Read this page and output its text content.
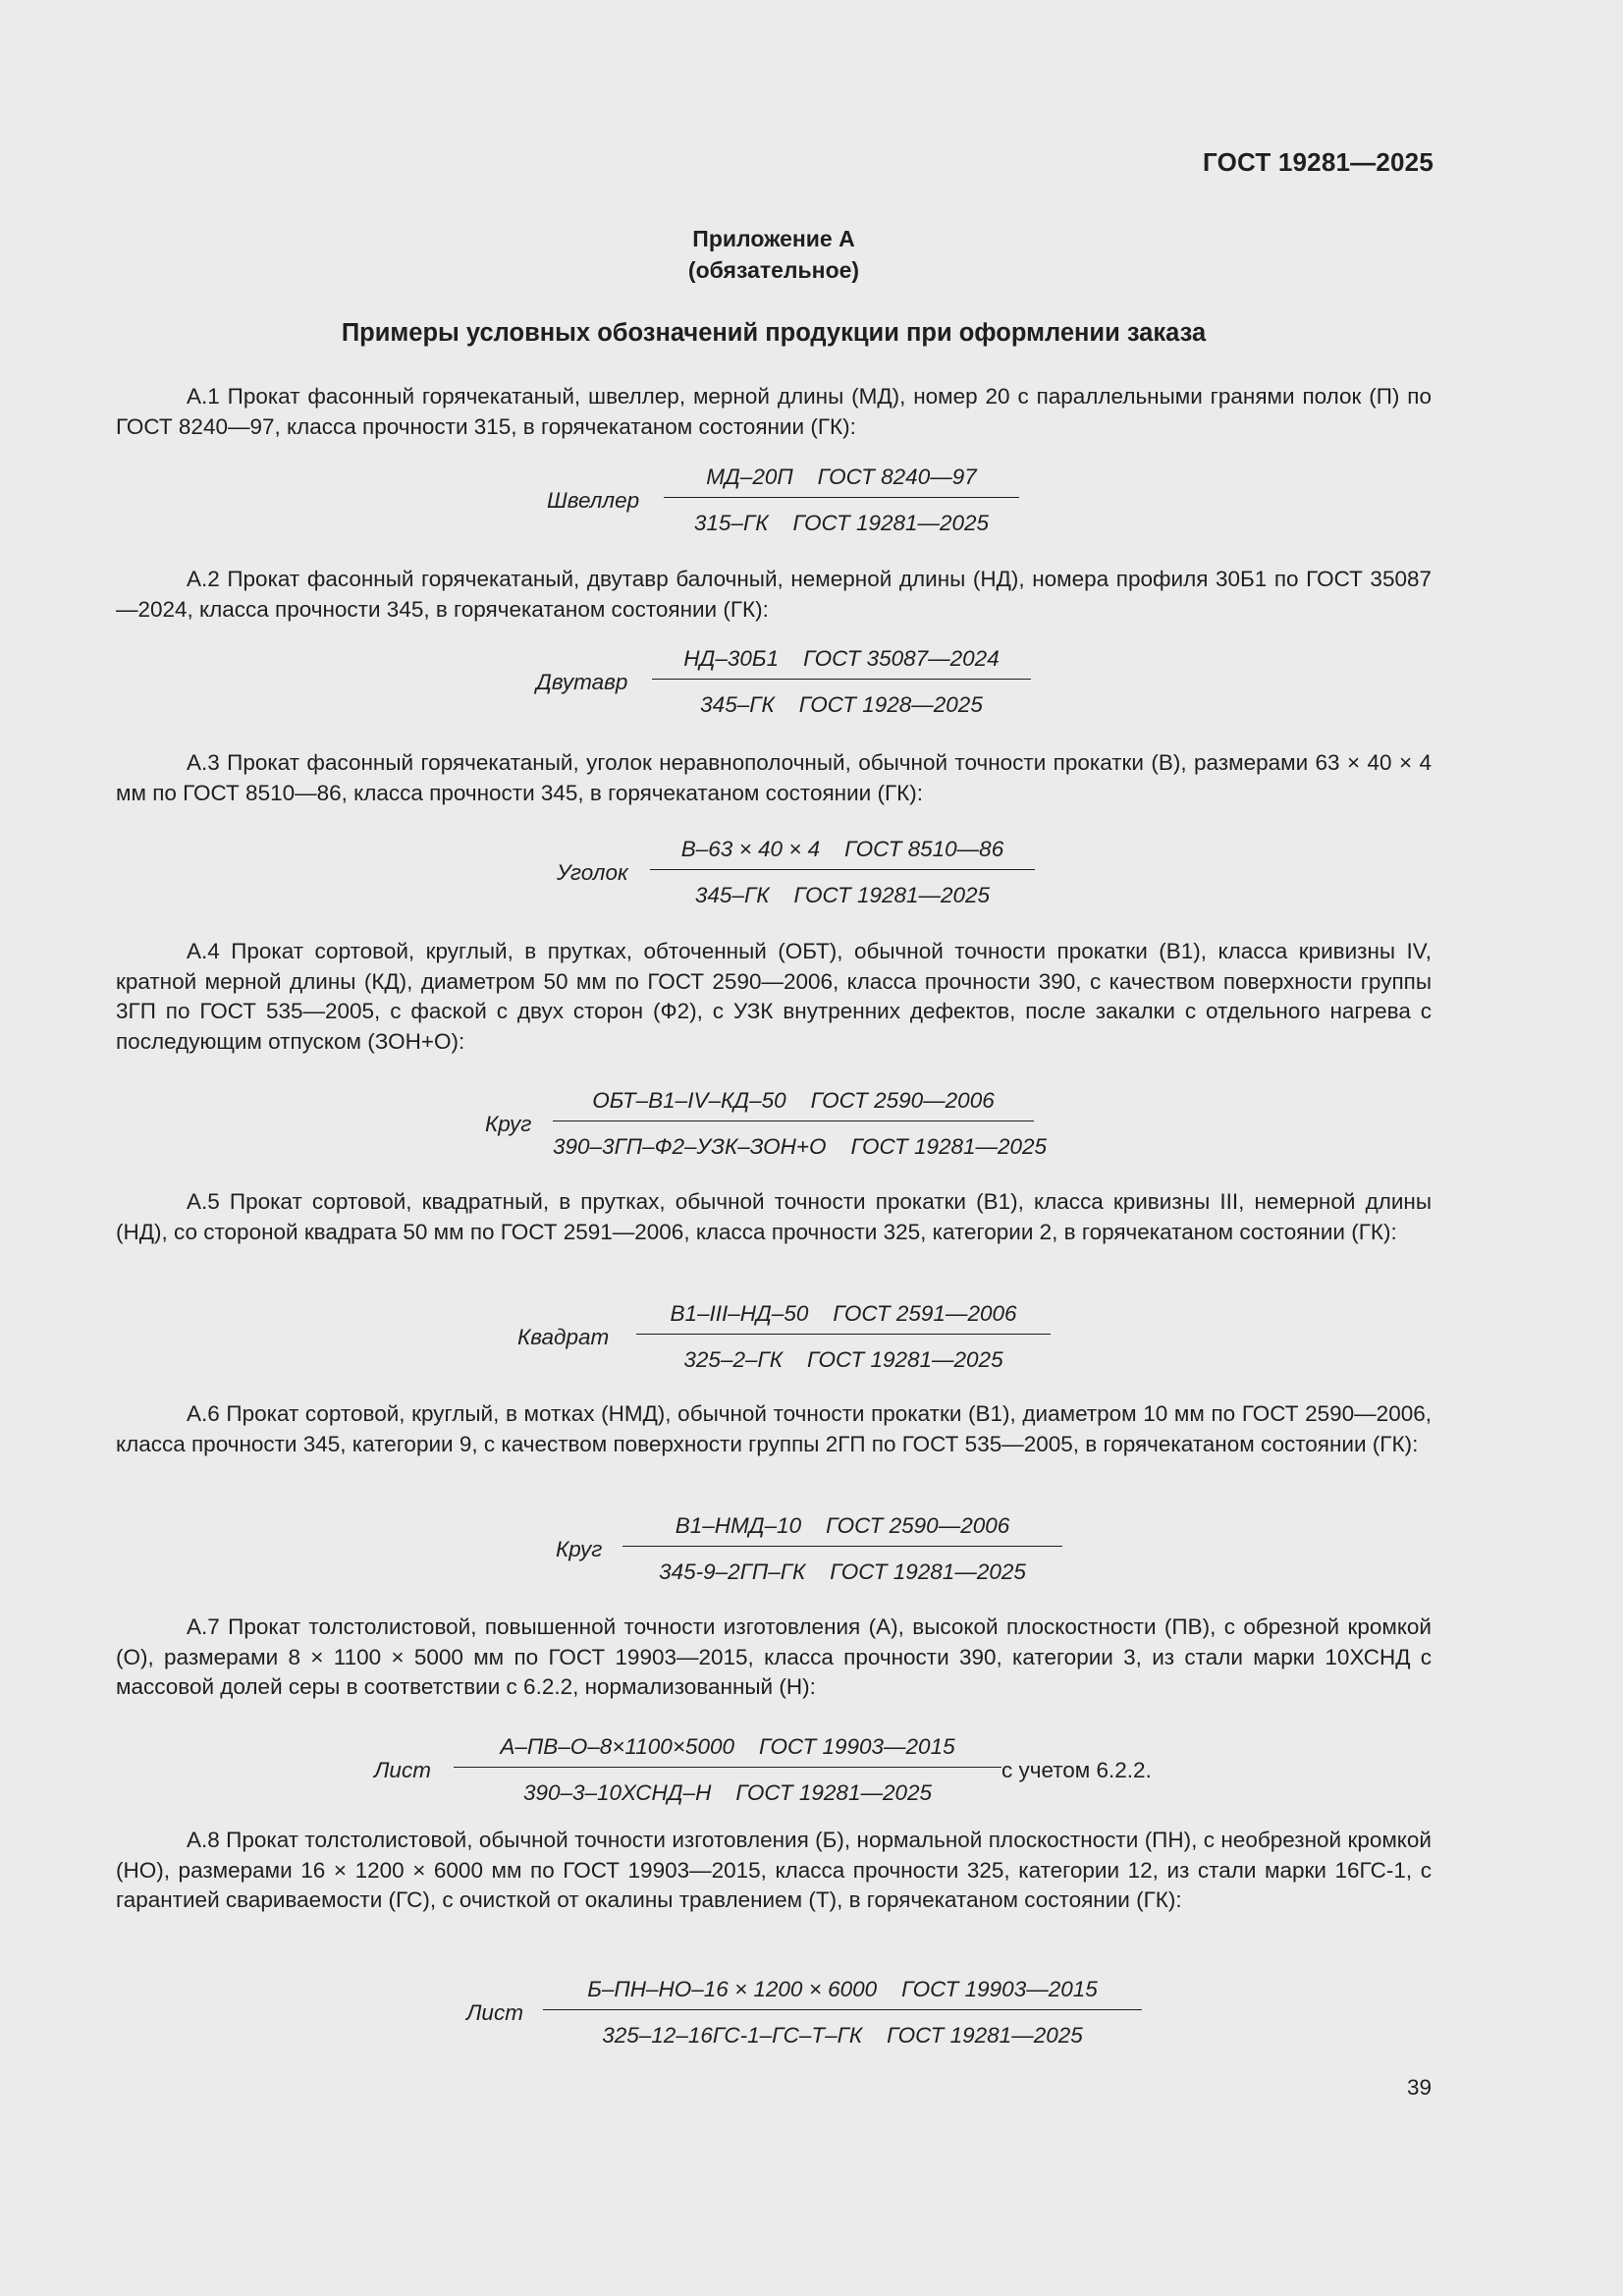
ГОСТ 19281—2025
Приложение А
(обязательное)
Примеры условных обозначений продукции при оформлении заказа

А.1 Прокат фасонный горячекатаный, швеллер, мерной длины (МД), номер 20 с параллельными гранями полок (П) по ГОСТ 8240—97, класса прочности 315, в горячекатаном состоянии (ГК):

Швеллер
МД–20П    ГОСТ 8240—97
315–ГК    ГОСТ 19281—2025

А.2 Прокат фасонный горячекатаный, двутавр балочный, немерной длины (НД), номера профиля 30Б1 по ГОСТ 35087—2024, класса прочности 345, в горячекатаном состоянии (ГК):

Двутавр
НД–30Б1    ГОСТ 35087—2024
345–ГК    ГОСТ 1928—2025

А.3 Прокат фасонный горячекатаный, уголок неравнополочный, обычной точности прокатки (В), размерами 63 × 40 × 4 мм по ГОСТ 8510—86, класса прочности 345, в горячекатаном состоянии (ГК):

Уголок
В–63 × 40 × 4    ГОСТ 8510—86
345–ГК    ГОСТ 19281—2025

А.4 Прокат сортовой, круглый, в прутках, обточенный (ОБТ), обычной точности прокатки (В1), класса кривизны IV, кратной мерной длины (КД), диаметром 50 мм по ГОСТ 2590—2006, класса прочности 390, с качеством поверхности группы 3ГП по ГОСТ 535—2005, с фаской с двух сторон (Ф2), с УЗК внутренних дефектов, после закалки с отдельного нагрева с последующим отпуском (ЗОН+О):

Круг
ОБТ–В1–IV–КД–50    ГОСТ 2590—2006
390–3ГП–Ф2–УЗК–ЗОН+О    ГОСТ 19281—2025

А.5 Прокат сортовой, квадратный, в прутках, обычной точности прокатки (В1), класса кривизны III, немерной длины (НД), со стороной квадрата 50 мм по ГОСТ 2591—2006, класса прочности 325, категории 2, в горячекатаном состоянии (ГК):

Квадрат
В1–III–НД–50    ГОСТ 2591—2006
325–2–ГК    ГОСТ 19281—2025

А.6 Прокат сортовой, круглый, в мотках (НМД), обычной точности прокатки (В1), диаметром 10 мм по ГОСТ 2590—2006, класса прочности 345, категории 9, с качеством поверхности группы 2ГП по ГОСТ 535—2005, в горячекатаном состоянии (ГК):

Круг
В1–НМД–10    ГОСТ 2590—2006
345-9–2ГП–ГК    ГОСТ 19281—2025

А.7 Прокат толстолистовой, повышенной точности изготовления (А), высокой плоскостности (ПВ), с обрезной кромкой (О), размерами 8 × 1100 × 5000 мм по ГОСТ 19903—2015, класса прочности 390, категории 3, из стали марки 10ХСНД с массовой долей серы в соответствии с 6.2.2, нормализованный (Н):

Лист
А–ПВ–О–8×1100×5000    ГОСТ 19903—2015
390–3–10ХСНД–Н    ГОСТ 19281—2025
с учетом 6.2.2.

А.8 Прокат толстолистовой, обычной точности изготовления (Б), нормальной плоскостности (ПН), с необрезной кромкой (НО), размерами 16 × 1200 × 6000 мм по ГОСТ 19903—2015, класса прочности 325, категории 12, из стали марки 16ГС-1, с гарантией свариваемости (ГС), с очисткой от окалины травлением (Т), в горячекатаном состоянии (ГК):

Лист
Б–ПН–НО–16 × 1200 × 6000    ГОСТ 19903—2015
325–12–16ГС-1–ГС–Т–ГК    ГОСТ 19281—2025
39
